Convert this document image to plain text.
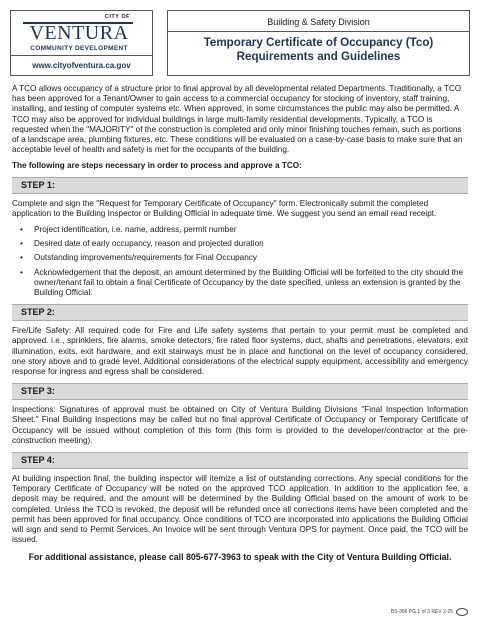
CITY OF
VENTURA
COMMUNITY DEVELOPMENT
www.cityofventura.ca.gov
Building & Safety Division
Temporary Certificate of Occupancy (Tco)
Requirements and Guidelines

A TCO allows occupancy of a structure prior to final approval by all developmental related Departments. Traditionally, a TCO has been approved for a Tenant/Owner to gain access to a commercial occupancy for stocking of inventory, staff training, installing, and testing of computer systems etc. When approved, in some circumstances the public may also be permitted. A TCO may also be approved for individual buildings in large multi-family residential developments. Typically, a TCO is requested when the "MAJORITY" of the construction is completed and only minor finishing touches remain, such as portions of a landscape area, plumbing fixtures, etc. These conditions will be evaluated on a case-by-case basis to make sure that an acceptable level of health and safety is met for the occupants of the building.

The following are steps necessary in order to process and approve a TCO:
STEP 1:

Complete and sign the "Request for Temporary Certificate of Occupancy" form. Electronically submit the completed application to the Building Inspector or Building Official in adequate time. We suggest you send an email read receipt.

• Project identification, i.e. name, address, permit number
• Desired date of early occupancy, reason and projected duration
• Outstanding improvements/requirements for Final Occupancy
• Acknowledgement that the deposit, an amount determined by the Building Official will be forfeited to the city should the owner/tenant fail to obtain a final Certificate of Occupancy by the date specified, unless an extension is granted by the Building Official.
STEP 2:

Fire/Life Safety: All required code for Fire and Life safety systems that pertain to your permit must be completed and approved. i.e., sprinklers, fire alarms, smoke detectors, fire rated floor systems, duct, shafts and penetrations, elevators, exit illumination, exits, exit hardware, and exit stairways must be in place and functional on the level of occupancy considered, one story above and to grade level. Additional considerations of the electrical supply equipment, accessibility and emergency response for ingress and egress shall be considered.

STEP 3:

Inspections: Signatures of approval must be obtained on City of Ventura Building Divisions "Final Inspection Information Sheet." Final Building Inspections may be called but no final approval Certificate of Occupancy or Temporary Certificate of Occupancy will be issued without completion of this form (this form is provided to the developer/contractor at the pre-construction meeting).

STEP 4:

At building inspection final, the building inspector will itemize a list of outstanding corrections. Any special conditions for the Temporary Certificate of Occupancy will be noted on the approved TCO application. In addition to the application fee, a deposit may be required, and the amount will be determined by the Building Official based on the amount of work to be completed. Unless the TCO is revoked, the deposit will be refunded once all corrections items have been completed and the permit has been approved for final occupancy. Once conditions of TCO are incorporated into applications the Building Official will sign and send to Permit Services. An Invoice will be sent through Ventura OPS for payment. Once paid, the TCO will be issued.

For additional assistance, please call 805-677-3963 to speak with the City of Ventura Building Official.
BS-366 PG 1 of 3 REV 2-25
